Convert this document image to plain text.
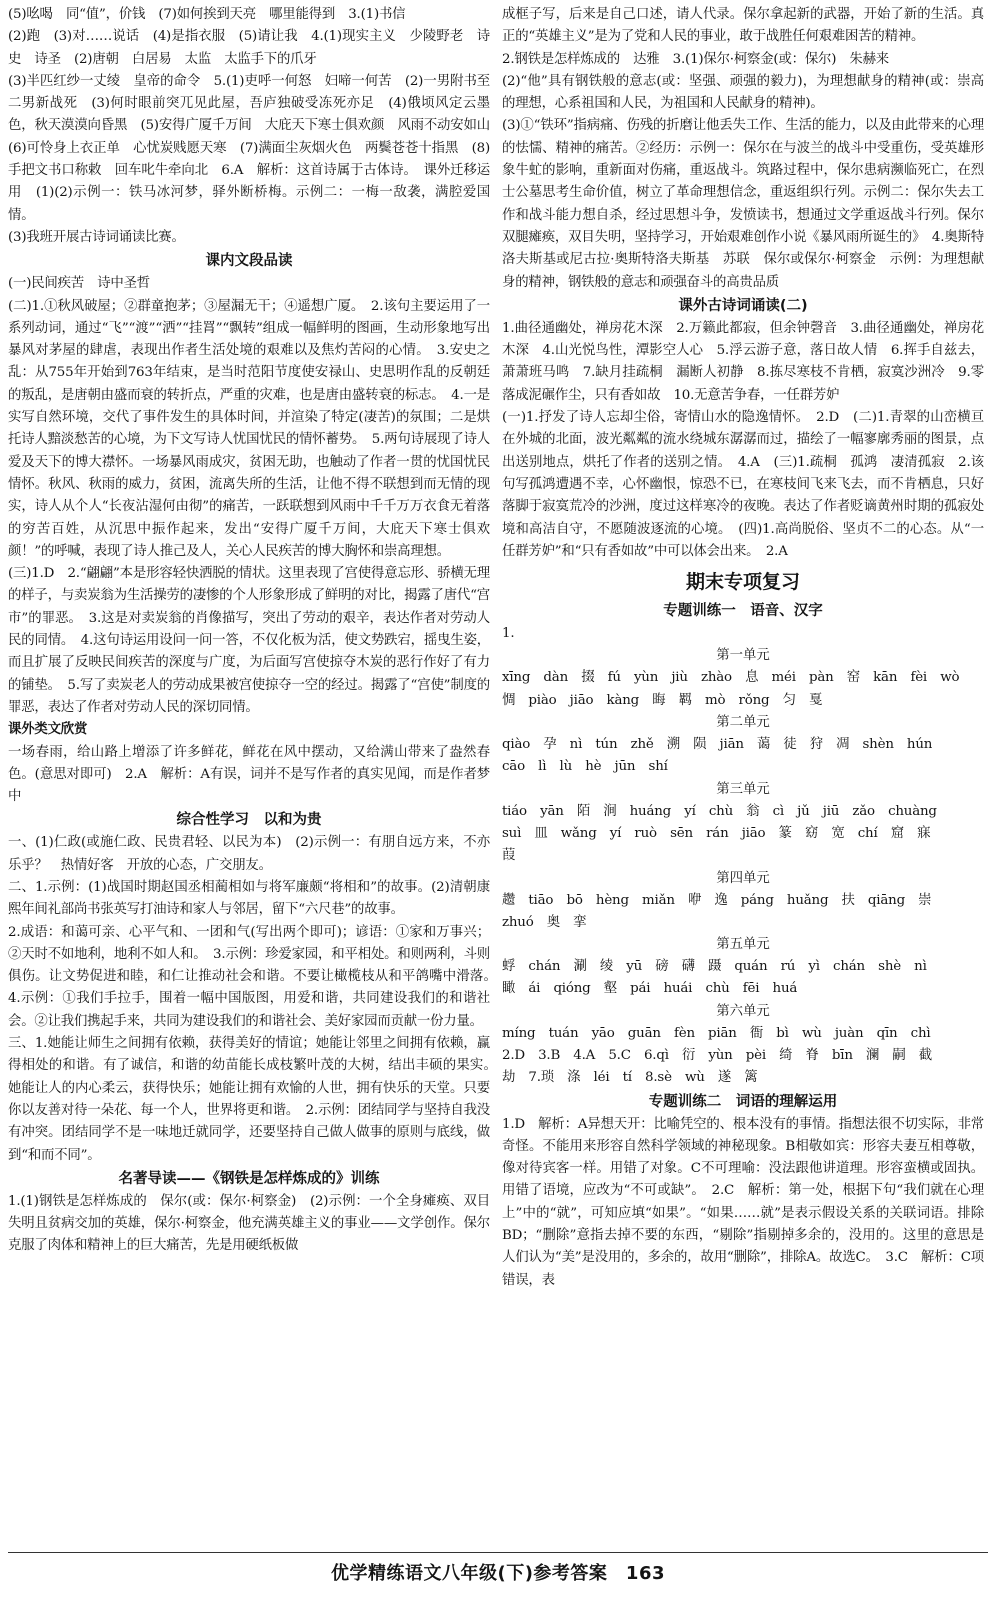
(5)吆喝　同“值”，价钱　(7)如何挨到天亮　哪里能得到　3.(1)书信

(2)跑　(3)对……说话　(4)是指衣服　(5)请让我　4.(1)现实主义　少陵野老　诗史　诗圣　(2)唐朝　白居易　太监　太监手下的爪牙

(3)半匹红纱一丈绫　皇帝的命令　5.(1)吏呼一何怒　妇啼一何苦　(2)一男附书至　二男新战死　(3)何时眼前突兀见此屋，吾庐独破受冻死亦足　(4)俄顷风定云墨色，秋天漠漠向昏黑　(5)安得广厦千万间　大庇天下寒士俱欢颜　风雨不动安如山　(6)可怜身上衣正单　心忧炭贱愿天寒　(7)满面尘灰烟火色　两鬓苍苍十指黑　(8)手把文书口称敕　回车叱牛牵向北　6.A　解析：这首诗属于古体诗。　课外迁移运用　(1)(2)示例一：铁马冰河梦，驿外断桥梅。示例二：一梅一敌袭，满腔爱国情。

(3)我班开展古诗词诵读比赛。

课内文段品读

(一)民间疾苦　诗中圣哲

(二)1.①秋风破屋；②群童抱茅；③屋漏无干；④遥想广厦。　2.该句主要运用了一系列动词，通过“飞”“渡”“洒”“挂罥”“飘转”组成一幅鲜明的图画，生动形象地写出暴风对茅屋的肆虐，表现出作者生活处境的艰难以及焦灼苦闷的心情。　3.安史之乱：从755年开始到763年结束，是当时范阳节度使安禄山、史思明作乱的反朝廷的叛乱，是唐朝由盛而衰的转折点，严重的灾难，也是唐由盛转衰的标志。　4.一是实写自然环境，交代了事件发生的具体时间，并渲染了特定(凄苦)的氛围；二是烘托诗人黯淡愁苦的心境，为下文写诗人忧国忧民的情怀蓄势。　5.两句诗展现了诗人爱及天下的博大襟怀。一场暴风雨成灾，贫困无助，也触动了作者一贯的忧国忧民情怀。秋风、秋雨的威力，贫困，流离失所的生活，让他不得不联想到而无情的现实，诗人从个人“长夜沾湿何由彻”的痛苦，一跃联想到风雨中千千万万衣食无着落的穷苦百姓，从沉思中振作起来，发出“安得广厦千万间，大庇天下寒士俱欢颜！”的呼喊，表现了诗人推己及人，关心人民疾苦的博大胸怀和崇高理想。

(三)1.D　2.“翩翩”本是形容轻快洒脱的情状。这里表现了宫使得意忘形、骄横无理的样子，与卖炭翁为生活操劳的凄惨的个人形象形成了鲜明的对比，揭露了唐代“宫市”的罪恶。　3.这是对卖炭翁的肖像描写，突出了劳动的艰辛，表达作者对劳动人民的同情。　4.这句诗运用设问一问一答，不仅化板为活，使文势跌宕，摇曳生姿，而且扩展了反映民间疾苦的深度与广度，为后面写宫使掠夺木炭的恶行作好了有力的铺垫。　5.写了卖炭老人的劳动成果被宫使掠夺一空的经过。揭露了“宫使”制度的罪恶，表达了作者对劳动人民的深切同情。

课外类文欣赏

一场春雨，给山路上增添了许多鲜花，鲜花在风中摆动，又给满山带来了盎然春色。(意思对即可)　2.A　解析：A有误，词并不是写作者的真实见闻，而是作者梦中

综合性学习　以和为贵

一、(1)仁政(或施仁政、民贵君轻、以民为本)　(2)示例一：有朋自远方来，不亦乐乎？　热情好客　开放的心态，广交朋友。

二、1.示例：(1)战国时期赵国丞相蔺相如与将军廉颇“将相和”的故事。(2)清朝康熙年间礼部尚书张英写打油诗和家人与邻居，留下“六尺巷”的故事。

2.成语：和蔼可亲、心平气和、一团和气(写出两个即可)；谚语：①家和万事兴；②天时不如地利，地利不如人和。　3.示例：珍爱家园，和平相处。和则两利，斗则俱伤。让文势促进和睦，和仁让推动社会和谐。不要让橄榄枝从和平鸽嘴中滑落。　4.示例：①我们手拉手，围着一幅中国版图，用爱和谐，共同建设我们的和谐社会。②让我们携起手来，共同为建设我们的和谐社会、美好家园而贡献一份力量。

三、1.她能让师生之间拥有依赖，获得美好的情谊；她能让邻里之间拥有依赖，赢得相处的和谐。有了诚信，和谐的幼苗能长成枝繁叶茂的大树，结出丰硕的果实。　她能让人的内心柔云，获得快乐；她能让拥有欢愉的人世，拥有快乐的天堂。只要你以友善对待一朵花、每一个人，世界将更和谐。　2.示例：团结同学与坚持自我没有冲突。团结同学不是一味地迁就同学，还要坚持自己做人做事的原则与底线，做到“和而不同”。

名著导读——《钢铁是怎样炼成的》训练

1.(1)钢铁是怎样炼成的　保尔(或：保尔·柯察金)　(2)示例：一个全身瘫痪、双目失明且贫病交加的英雄，保尔·柯察金，他充满英雄主义的事业——文学创作。保尔克服了肉体和精神上的巨大痛苦，先是用硬纸板做

成框子写，后来是自己口述，请人代录。保尔拿起新的武器，开始了新的生活。真正的“英雄主义”是为了党和人民的事业，敢于战胜任何艰难困苦的精神。

2.钢铁是怎样炼成的　达雅　3.(1)保尔·柯察金(或：保尔)　朱赫来

(2)“他”具有钢铁般的意志(或：坚强、顽强的毅力)，为理想献身的精神(或：崇高的理想，心系祖国和人民，为祖国和人民献身的精神)。

(3)①“铁环”指病痛、伤残的折磨让他丢失工作、生活的能力，以及由此带来的心理的怯懦、精神的痛苦。②经历：示例一：保尔在与波兰的战斗中受重伤，受英雄形象牛虻的影响，重新面对伤痛，重返战斗。筑路过程中，保尔患病濒临死亡，在烈士公墓思考生命价值，树立了革命理想信念，重返组织行列。示例二：保尔失去工作和战斗能力想自杀，经过思想斗争，发愤读书，想通过文学重返战斗行列。保尔双腿瘫痪，双目失明，坚持学习，开始艰难创作小说《暴风雨所诞生的》　4.奥斯特洛夫斯基或尼古拉·奥斯特洛夫斯基　苏联　保尔或保尔·柯察金　示例：为理想献身的精神，钢铁般的意志和顽强奋斗的高贵品质

课外古诗词诵读(二)

1.曲径通幽处，禅房花木深　2.万籁此都寂，但余钟磬音　3.曲径通幽处，禅房花木深　4.山光悦鸟性，潭影空人心　5.浮云游子意，落日故人情　6.挥手自兹去，萧萧班马鸣　7.缺月挂疏桐　漏断人初静　8.拣尽寒枝不肯栖，寂寞沙洲冷　9.零落成泥碾作尘，只有香如故　10.无意苦争春，一任群芳妒

(一)1.抒发了诗人忘却尘俗，寄情山水的隐逸情怀。　2.D　(二)1.青翠的山峦横亘在外城的北面，波光粼粼的流水绕城东潺潺而过，描绘了一幅寥廓秀丽的图景，点出送别地点，烘托了作者的送别之情。　4.A　(三)1.疏桐　孤鸿　凄清孤寂　2.该句写孤鸿遭遇不幸，心怀幽恨，惊恐不已，在寒枝间飞来飞去，而不肯栖息，只好落脚于寂寞荒冷的沙洲，度过这样寒冷的夜晚。表达了作者贬谪黄州时期的孤寂处境和高洁自守，不愿随波逐流的心境。　(四)1.高尚脱俗、坚贞不二的心态。从“一任群芳妒”和“只有香如故”中可以体会出来。　2.A

期末专项复习
专题训练一　语音、汉字

1.

第一单元

xīng　dàn　掇　fú　yùn　jiù　zhào　息　méi　pàn　窑　kān　fèi　wò

惆　piào　jiāo　kàng　晦　羁　mò　rǒng　匀　戛

第二单元

qiào　孕　nì　tún　zhě　溯　陨　jiān　蔼　徒　狩　凋　shèn　hún

cāo　lì　lù　hè　jūn　shí

第三单元

tiáo　yān　陌　涧　huáng　yí　chù　翁　cì　jǔ　jiū　zǎo　chuàng

suì　皿　wǎng　yí　ruò　sēn　rán　jiāo　篆　窈　宽　chí　窟　寐

葭

第四单元

趱　tiāo　bō　hèng　miǎn　咿　逸　páng　huǎng　扶　qiāng　崇

zhuó　奥　挛

第五单元

蜉　chán　涮　绫　yū　磅　礴　蹑　quán　rú　yì　chán　shè　nì

瞰　ái　qióng　壑　pái　huái　chù　fēi　huá

第六单元

míng　tuán　yāo　guān　fèn　piān　衙　bì　wù　juàn　qīn　chì

2.D　3.B　4.A　5.C　6.qì　衍　yùn　pèi　绮　脊　bīn　澜　嗣　截

劫　7.琐　涤　léi　tí　8.sè　wù　遂　篱

专题训练二　词语的理解运用

1.D　解析：A异想天开：比喻凭空的、根本没有的事情。指想法很不切实际，非常奇怪。不能用来形容自然科学领域的神秘现象。B相敬如宾：形容夫妻互相尊敬，像对待宾客一样。用错了对象。C不可理喻：没法跟他讲道理。形容蛮横或固执。用错了语境，应改为“不可或缺”。　2.C　解析：第一处，根据下句“我们就在心理上”中的“就”，可知应填“如果”。“如果……就”是表示假设关系的关联词语。排除BD；“删除”意指去掉不要的东西，“剔除”指剔掉多余的，没用的。这里的意思是人们认为“美”是没用的，多余的，故用“删除”，排除A。故选C。　3.C　解析：C项错误，表

优学精练语文八年级(下)参考答案　163
